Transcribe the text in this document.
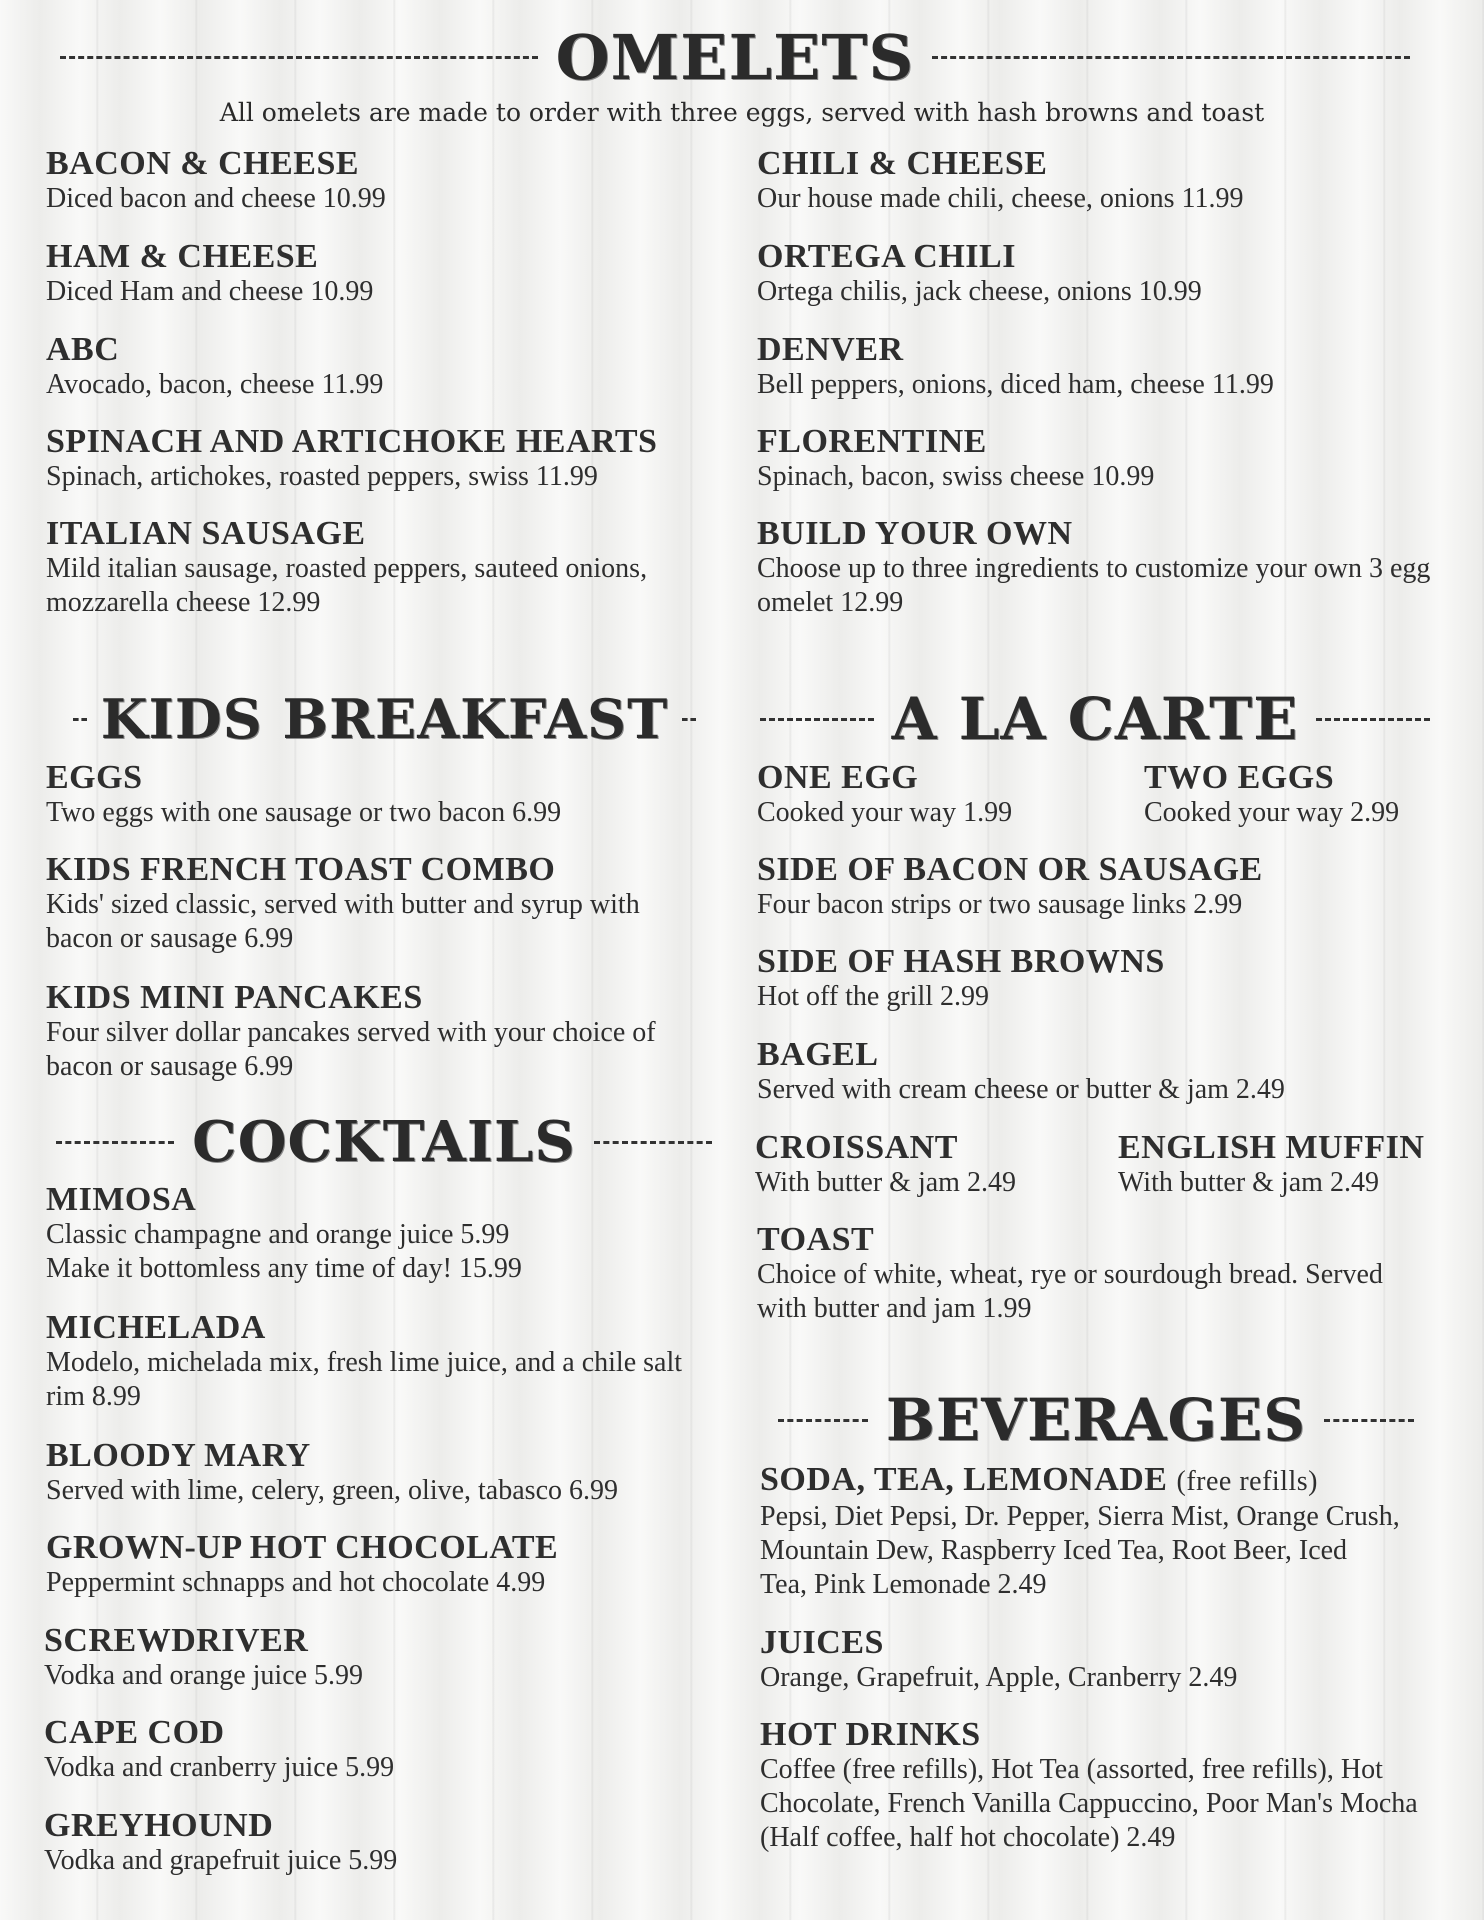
OMELETS
All omelets are made to order with three eggs, served with hash browns and toast
BACON & CHEESE
Diced bacon and cheese 10.99
HAM & CHEESE
Diced Ham and cheese 10.99
ABC
Avocado, bacon, cheese 11.99
SPINACH AND ARTICHOKE HEARTS
Spinach, artichokes, roasted peppers, swiss 11.99
ITALIAN SAUSAGE
Mild italian sausage, roasted peppers, sauteed onions, mozzarella cheese 12.99
CHILI & CHEESE
Our house made chili, cheese, onions 11.99
ORTEGA CHILI
Ortega chilis, jack cheese, onions 10.99
DENVER
Bell peppers, onions, diced ham, cheese 11.99
FLORENTINE
Spinach, bacon, swiss cheese 10.99
BUILD YOUR OWN
Choose up to three ingredients to customize your own 3 egg omelet 12.99
KIDS BREAKFAST
EGGS
Two eggs with one sausage or two bacon 6.99
KIDS FRENCH TOAST COMBO
Kids' sized classic, served with butter and syrup with bacon or sausage 6.99
KIDS MINI PANCAKES
Four silver dollar pancakes served with your choice of bacon or sausage 6.99
COCKTAILS
MIMOSA
Classic champagne and orange juice 5.99
Make it bottomless any time of day! 15.99
MICHELADA
Modelo, michelada mix, fresh lime juice, and a chile salt rim 8.99
BLOODY MARY
Served with lime, celery, green, olive, tabasco 6.99
GROWN-UP HOT CHOCOLATE
Peppermint schnapps and hot chocolate 4.99
SCREWDRIVER
Vodka and orange juice 5.99
CAPE COD
Vodka and cranberry juice 5.99
GREYHOUND
Vodka and grapefruit juice 5.99
A LA CARTE
ONE EGG
Cooked your way 1.99
TWO EGGS
Cooked your way 2.99
SIDE OF BACON OR SAUSAGE
Four bacon strips or two sausage links 2.99
SIDE OF HASH BROWNS
Hot off the grill 2.99
BAGEL
Served with cream cheese or butter & jam 2.49
CROISSANT
With butter & jam 2.49
ENGLISH MUFFIN
With butter & jam 2.49
TOAST
Choice of white, wheat, rye or sourdough bread. Served with butter and jam 1.99
BEVERAGES
SODA, TEA, LEMONADE (free refills)
Pepsi, Diet Pepsi, Dr. Pepper, Sierra Mist, Orange Crush, Mountain Dew, Raspberry Iced Tea, Root Beer, Iced Tea, Pink Lemonade 2.49
JUICES
Orange, Grapefruit, Apple, Cranberry 2.49
HOT DRINKS
Coffee (free refills), Hot Tea (assorted, free refills), Hot Chocolate, French Vanilla Cappuccino, Poor Man's Mocha (Half coffee, half hot chocolate) 2.49
